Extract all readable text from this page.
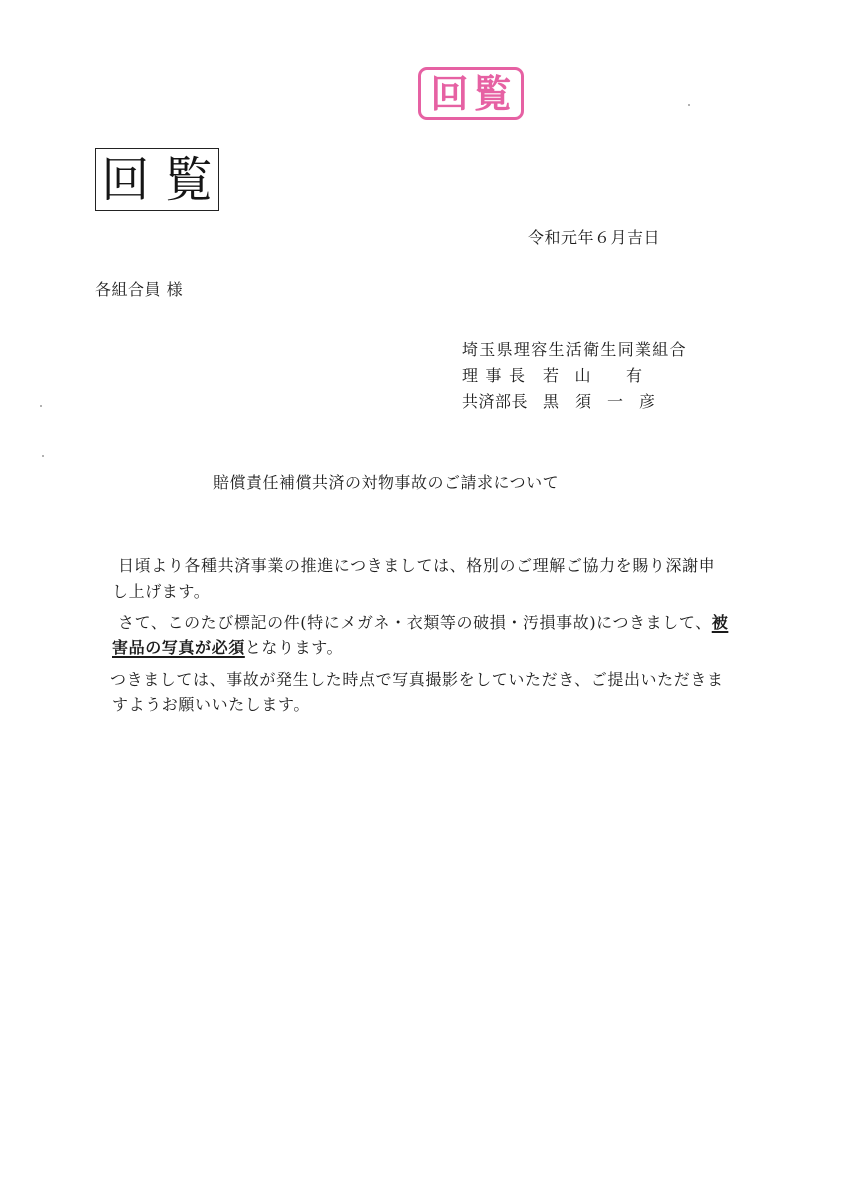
回覧
回 覧
令和元年６月吉日
各組合員 様
埼玉県理容生活衛生同業組合
理事長 若山 有
共済部長 黒須一彦
賠償責任補償共済の対物事故のご請求について
日頃より各種共済事業の推進につきましては、格別のご理解ご協力を賜り深謝申
し上げます。
さて、このたび標記の件(特にメガネ・衣類等の破損・汚損事故)につきまして、被
害品の写真が必須となります。
つきましては、事故が発生した時点で写真撮影をしていただき、ご提出いただきま
すようお願いいたします。
